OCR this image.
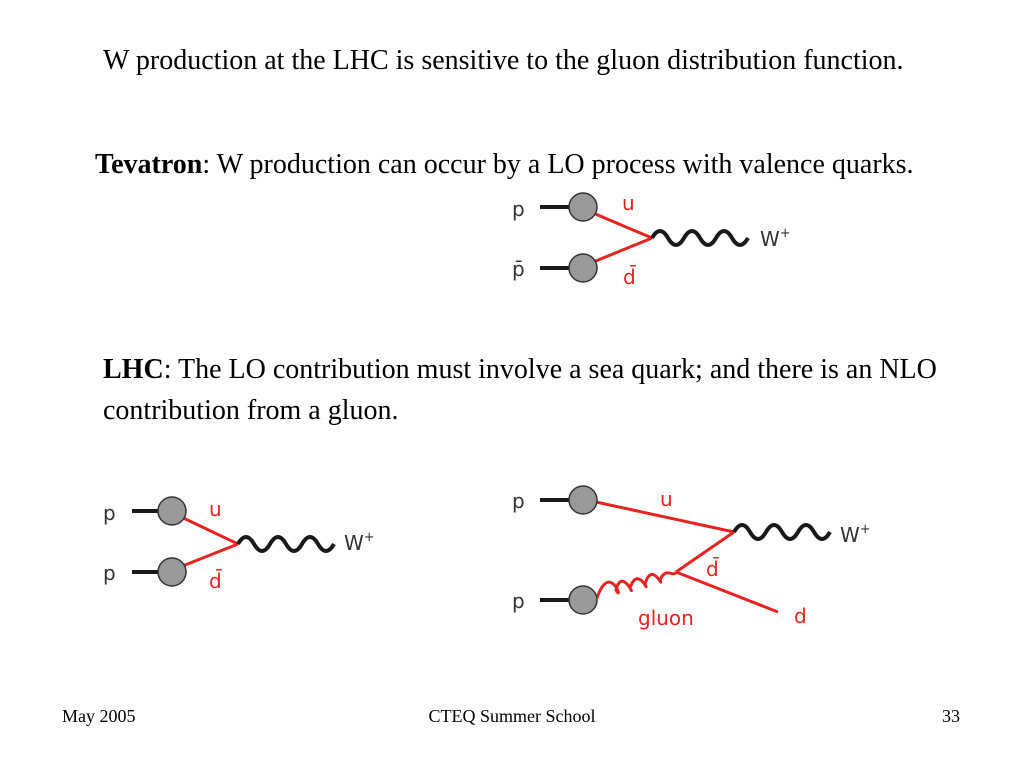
W production at the LHC is sensitive to the gluon distribution function.

Tevatron: W production can occur by a LO process with valence quarks.

LHC: The LO contribution must involve a sea quark; and there is an NLO contribution from a gluon.

p
p̄
u
d̄
W+
p
p
u
d̄
W+
p
p
u
d̄
gluon	d
W+
May 2005	CTEQ Summer School	33
